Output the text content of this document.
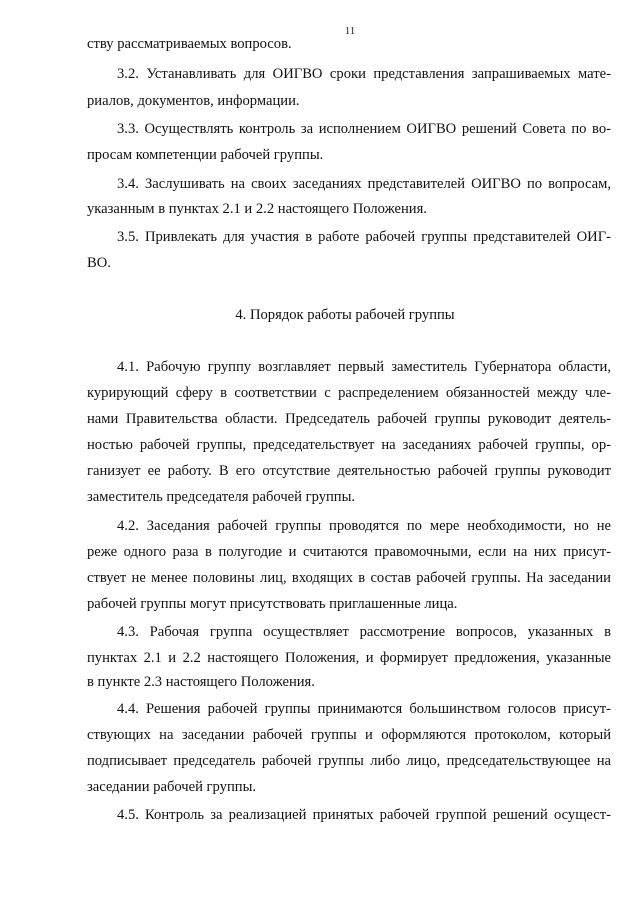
11
ству рассматриваемых вопросов.
3.2. Устанавливать для ОИГВО сроки представления запрашиваемых мате-
риалов, документов, информации.
3.3. Осуществлять контроль за исполнением ОИГВО решений Совета по во-
просам компетенции рабочей группы.
3.4. Заслушивать на своих заседаниях представителей ОИГВО по вопросам,
указанным в пунктах 2.1 и 2.2 настоящего Положения.
3.5. Привлекать для участия в работе рабочей группы представителей ОИГ-
ВО.
4. Порядок работы рабочей группы
4.1. Рабочую группу возглавляет первый заместитель Губернатора области,
курирующий сферу в соответствии с распределением обязанностей между чле-
нами Правительства области. Председатель рабочей группы руководит деятель-
ностью рабочей группы, председательствует на заседаниях рабочей группы, ор-
ганизует ее работу. В его отсутствие деятельностью рабочей группы руководит
заместитель председателя рабочей группы.
4.2. Заседания рабочей группы проводятся по мере необходимости, но не
реже одного раза в полугодие и считаются правомочными, если на них присут-
ствует не менее половины лиц, входящих в состав рабочей группы. На заседании
рабочей группы могут присутствовать приглашенные лица.
4.3. Рабочая группа осуществляет рассмотрение вопросов, указанных в
пунктах 2.1 и 2.2 настоящего Положения, и формирует предложения, указанные
в пункте 2.3 настоящего Положения.
4.4. Решения рабочей группы принимаются большинством голосов присут-
ствующих на заседании рабочей группы и оформляются протоколом, который
подписывает председатель рабочей группы либо лицо, председательствующее на
заседании рабочей группы.
4.5. Контроль за реализацией принятых рабочей группой решений осущест-
